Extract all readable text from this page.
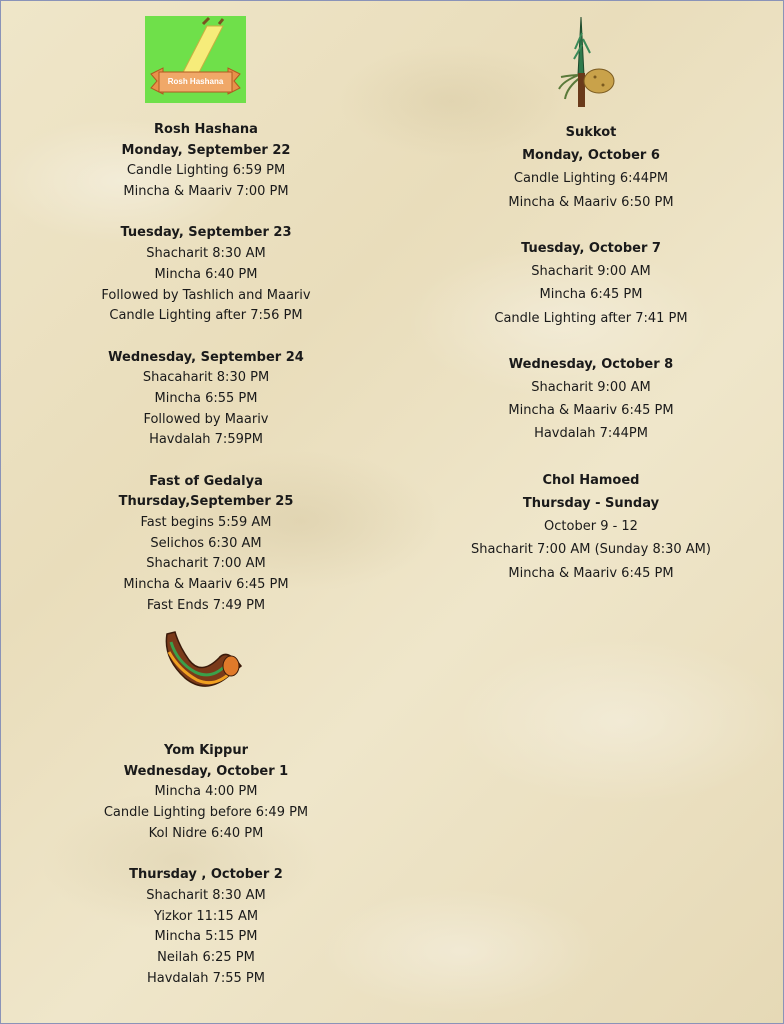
Rosh Hashana
Rosh Hashana
Monday, September 22
Candle Lighting 6:59 PM
Mincha & Maariv 7:00 PM
Tuesday, September 23
Shacharit 8:30 AM
Mincha 6:40 PM
Followed by Tashlich and Maariv
Candle Lighting after 7:56 PM
Wednesday, September 24
Shacaharit 8:30 PM
Mincha 6:55 PM
Followed by Maariv
Havdalah 7:59PM
Fast of Gedalya
Thursday,September 25
Fast begins 5:59 AM
Selichos 6:30 AM
Shacharit 7:00 AM
Mincha & Maariv 6:45 PM
Fast Ends 7:49 PM
Yom Kippur
Wednesday, October 1
Mincha 4:00 PM
Candle Lighting before 6:49 PM
Kol Nidre 6:40 PM
Thursday , October 2
Shacharit 8:30 AM
Yizkor 11:15 AM
Mincha 5:15 PM
Neilah 6:25 PM
Havdalah 7:55 PM
Sukkot
Monday, October 6
Candle Lighting 6:44PM
Mincha & Maariv 6:50 PM
Tuesday, October 7
Shacharit 9:00 AM
Mincha 6:45 PM
Candle Lighting after 7:41 PM
Wednesday, October 8
Shacharit 9:00 AM
Mincha & Maariv 6:45 PM
Havdalah 7:44PM
Chol Hamoed
Thursday - Sunday
October 9 - 12
Shacharit 7:00 AM (Sunday 8:30 AM)
Mincha & Maariv 6:45 PM
